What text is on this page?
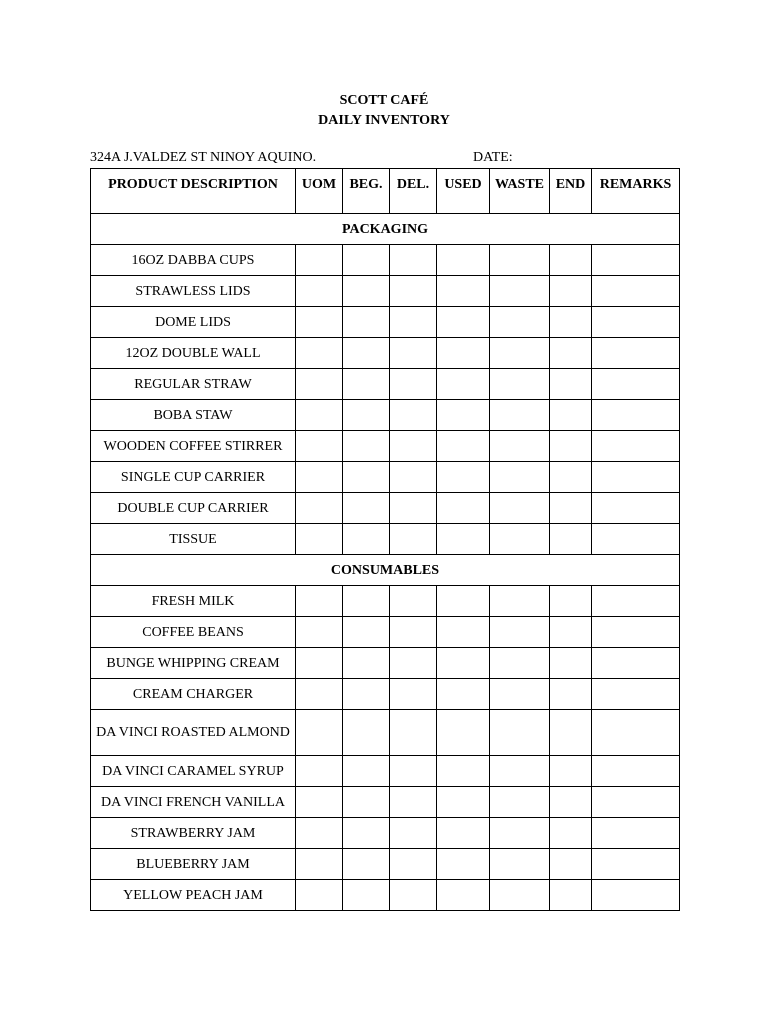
SCOTT CAFÉ
DAILY INVENTORY
324A J.VALDEZ ST NINOY AQUINO.	DATE:
PRODUCT DESCRIPTION	UOM	BEG.	DEL.	USED	WASTE	END	REMARKS
PACKAGING							
16OZ DABBA CUPS							
STRAWLESS LIDS							
DOME LIDS							
12OZ DOUBLE WALL							
REGULAR STRAW							
BOBA STAW							
WOODEN COFFEE STIRRER							
SINGLE CUP CARRIER							
DOUBLE CUP CARRIER							
TISSUE							
CONSUMABLES							
FRESH MILK							
COFFEE BEANS							
BUNGE WHIPPING CREAM							
CREAM CHARGER							
DA VINCI ROASTED ALMOND							
DA VINCI CARAMEL SYRUP							
DA VINCI FRENCH VANILLA							
STRAWBERRY JAM							
BLUEBERRY JAM							
YELLOW PEACH JAM							
